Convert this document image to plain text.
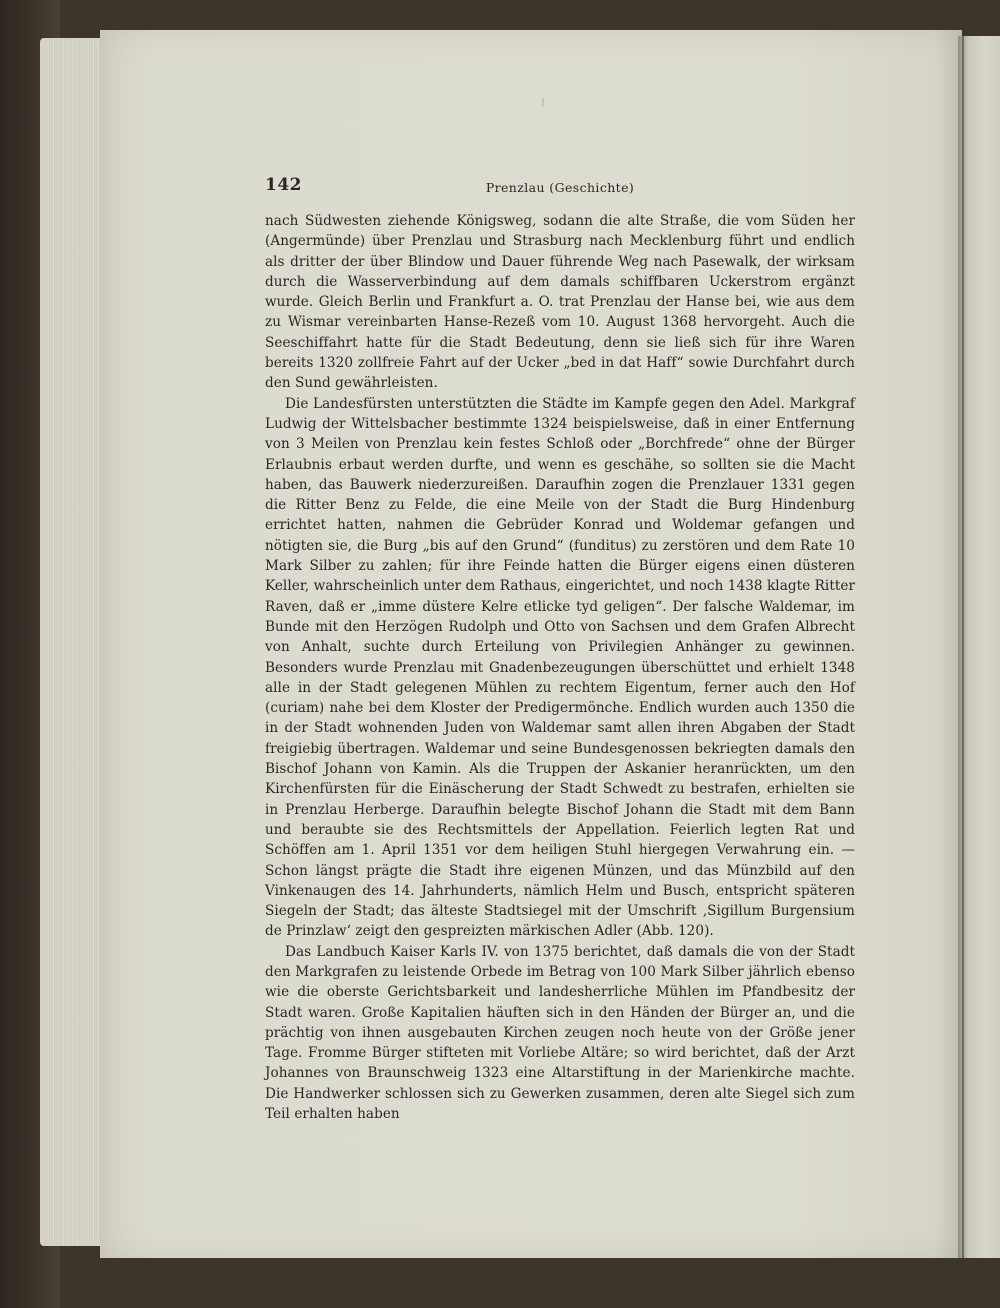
142	Prenzlau (Geschichte)

nach Südwesten ziehende Königsweg, sodann die alte Straße, die vom Süden her (Angermünde) über Prenzlau und Strasburg nach Mecklenburg führt und endlich als dritter der über Blindow und Dauer führende Weg nach Pasewalk, der wirksam durch die Wasserverbindung auf dem damals schiffbaren Uckerstrom ergänzt wurde. Gleich Berlin und Frankfurt a. O. trat Prenzlau der Hanse bei, wie aus dem zu Wismar vereinbarten Hanse-Rezeß vom 10. August 1368 hervorgeht. Auch die Seeschiffahrt hatte für die Stadt Bedeutung, denn sie ließ sich für ihre Waren bereits 1320 zollfreie Fahrt auf der Ucker „bed in dat Haff“ sowie Durchfahrt durch den Sund gewährleisten.

Die Landesfürsten unterstützten die Städte im Kampfe gegen den Adel. Markgraf Ludwig der Wittelsbacher bestimmte 1324 beispielsweise, daß in einer Entfernung von 3 Meilen von Prenzlau kein festes Schloß oder „Borchfrede“ ohne der Bürger Erlaubnis erbaut werden durfte, und wenn es geschähe, so sollten sie die Macht haben, das Bauwerk niederzureißen. Daraufhin zogen die Prenzlauer 1331 gegen die Ritter Benz zu Felde, die eine Meile von der Stadt die Burg Hindenburg errichtet hatten, nahmen die Gebrüder Konrad und Woldemar gefangen und nötigten sie, die Burg „bis auf den Grund“ (funditus) zu zerstören und dem Rate 10 Mark Silber zu zahlen; für ihre Feinde hatten die Bürger eigens einen düsteren Keller, wahrscheinlich unter dem Rathaus, eingerichtet, und noch 1438 klagte Ritter Raven, daß er „imme düstere Kelre etlicke tyd geligen“. Der falsche Waldemar, im Bunde mit den Herzögen Rudolph und Otto von Sachsen und dem Grafen Albrecht von Anhalt, suchte durch Erteilung von Privilegien Anhänger zu gewinnen. Besonders wurde Prenzlau mit Gnadenbezeugungen überschüttet und erhielt 1348 alle in der Stadt gelegenen Mühlen zu rechtem Eigentum, ferner auch den Hof (curiam) nahe bei dem Kloster der Predigermönche. Endlich wurden auch 1350 die in der Stadt wohnenden Juden von Waldemar samt allen ihren Abgaben der Stadt freigiebig übertragen. Waldemar und seine Bundesgenossen bekriegten damals den Bischof Johann von Kamin. Als die Truppen der Askanier heranrückten, um den Kirchenfürsten für die Einäscherung der Stadt Schwedt zu bestrafen, erhielten sie in Prenzlau Herberge. Daraufhin belegte Bischof Johann die Stadt mit dem Bann und beraubte sie des Rechtsmittels der Appellation. Feierlich legten Rat und Schöffen am 1. April 1351 vor dem heiligen Stuhl hiergegen Verwahrung ein. — Schon längst prägte die Stadt ihre eigenen Münzen, und das Münzbild auf den Vinkenaugen des 14. Jahrhunderts, nämlich Helm und Busch, entspricht späteren Siegeln der Stadt; das älteste Stadtsiegel mit der Umschrift ‚Sigillum Burgensium de Prinzlaw‘ zeigt den gespreizten märkischen Adler (Abb. 120).

Das Landbuch Kaiser Karls IV. von 1375 berichtet, daß damals die von der Stadt den Markgrafen zu leistende Orbede im Betrag von 100 Mark Silber jährlich ebenso wie die oberste Gerichtsbarkeit und landesherrliche Mühlen im Pfandbesitz der Stadt waren. Große Kapitalien häuften sich in den Händen der Bürger an, und die prächtig von ihnen ausgebauten Kirchen zeugen noch heute von der Größe jener Tage. Fromme Bürger stifteten mit Vorliebe Altäre; so wird berichtet, daß der Arzt Johannes von Braunschweig 1323 eine Altarstiftung in der Marienkirche machte. Die Handwerker schlossen sich zu Gewerken zusammen, deren alte Siegel sich zum Teil erhalten haben
